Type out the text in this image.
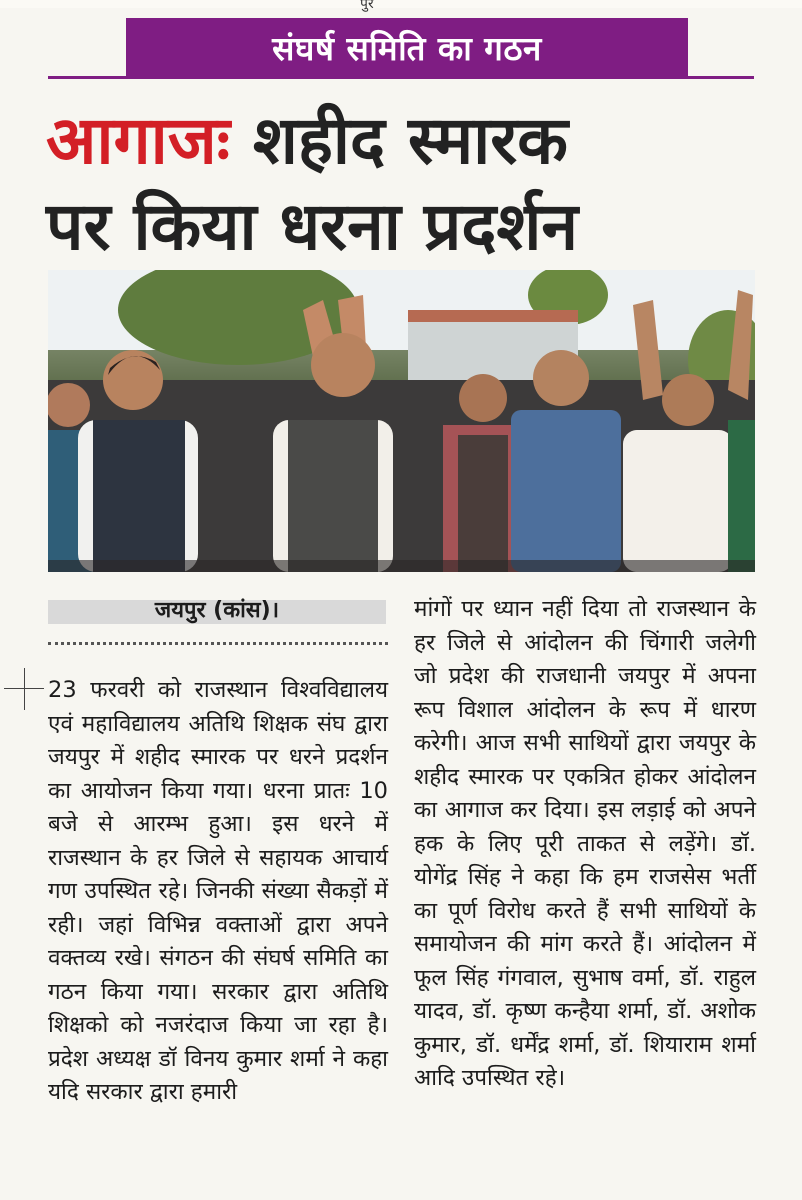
पुर
संघर्ष समिति का गठन
आगाजः शहीद स्मारक
पर किया धरना प्रदर्शन
जयपुर (कांस)।
23 फरवरी को राजस्थान विश्वविद्यालय एवं महाविद्यालय अतिथि शिक्षक संघ द्वारा जयपुर में शहीद स्मारक पर धरने प्रदर्शन का आयोजन किया गया। धरना प्रातः 10 बजे से आरम्भ हुआ। इस धरने में राजस्थान के हर जिले से सहायक आचार्य गण उपस्थित रहे। जिनकी संख्या सैकड़ों में रही। जहां विभिन्न वक्ताओं द्वारा अपने वक्तव्य रखे। संगठन की संघर्ष समिति का गठन किया गया। सरकार द्वारा अतिथि शिक्षको को नजरंदाज किया जा रहा है। प्रदेश अध्यक्ष डॉ विनय कुमार शर्मा ने कहा यदि सरकार द्वारा हमारी
मांगों पर ध्यान नहीं दिया तो राजस्थान के हर जिले से आंदोलन की चिंगारी जलेगी जो प्रदेश की राजधानी जयपुर में अपना रूप विशाल आंदोलन के रूप में धारण करेगी। आज सभी साथियों द्वारा जयपुर के शहीद स्मारक पर एकत्रित होकर आंदोलन का आगाज कर दिया। इस लड़ाई को अपने हक के लिए पूरी ताकत से लड़ेंगे। डॉ. योगेंद्र सिंह ने कहा कि हम राजसेस भर्ती का पूर्ण विरोध करते हैं सभी साथियों के समायोजन की मांग करते हैं। आंदोलन में फूल सिंह गंगवाल, सुभाष वर्मा, डॉ. राहुल यादव, डॉ. कृष्ण कन्हैया शर्मा, डॉ. अशोक कुमार, डॉ. धर्मेंद्र शर्मा, डॉ. शियाराम शर्मा आदि उपस्थित रहे।
